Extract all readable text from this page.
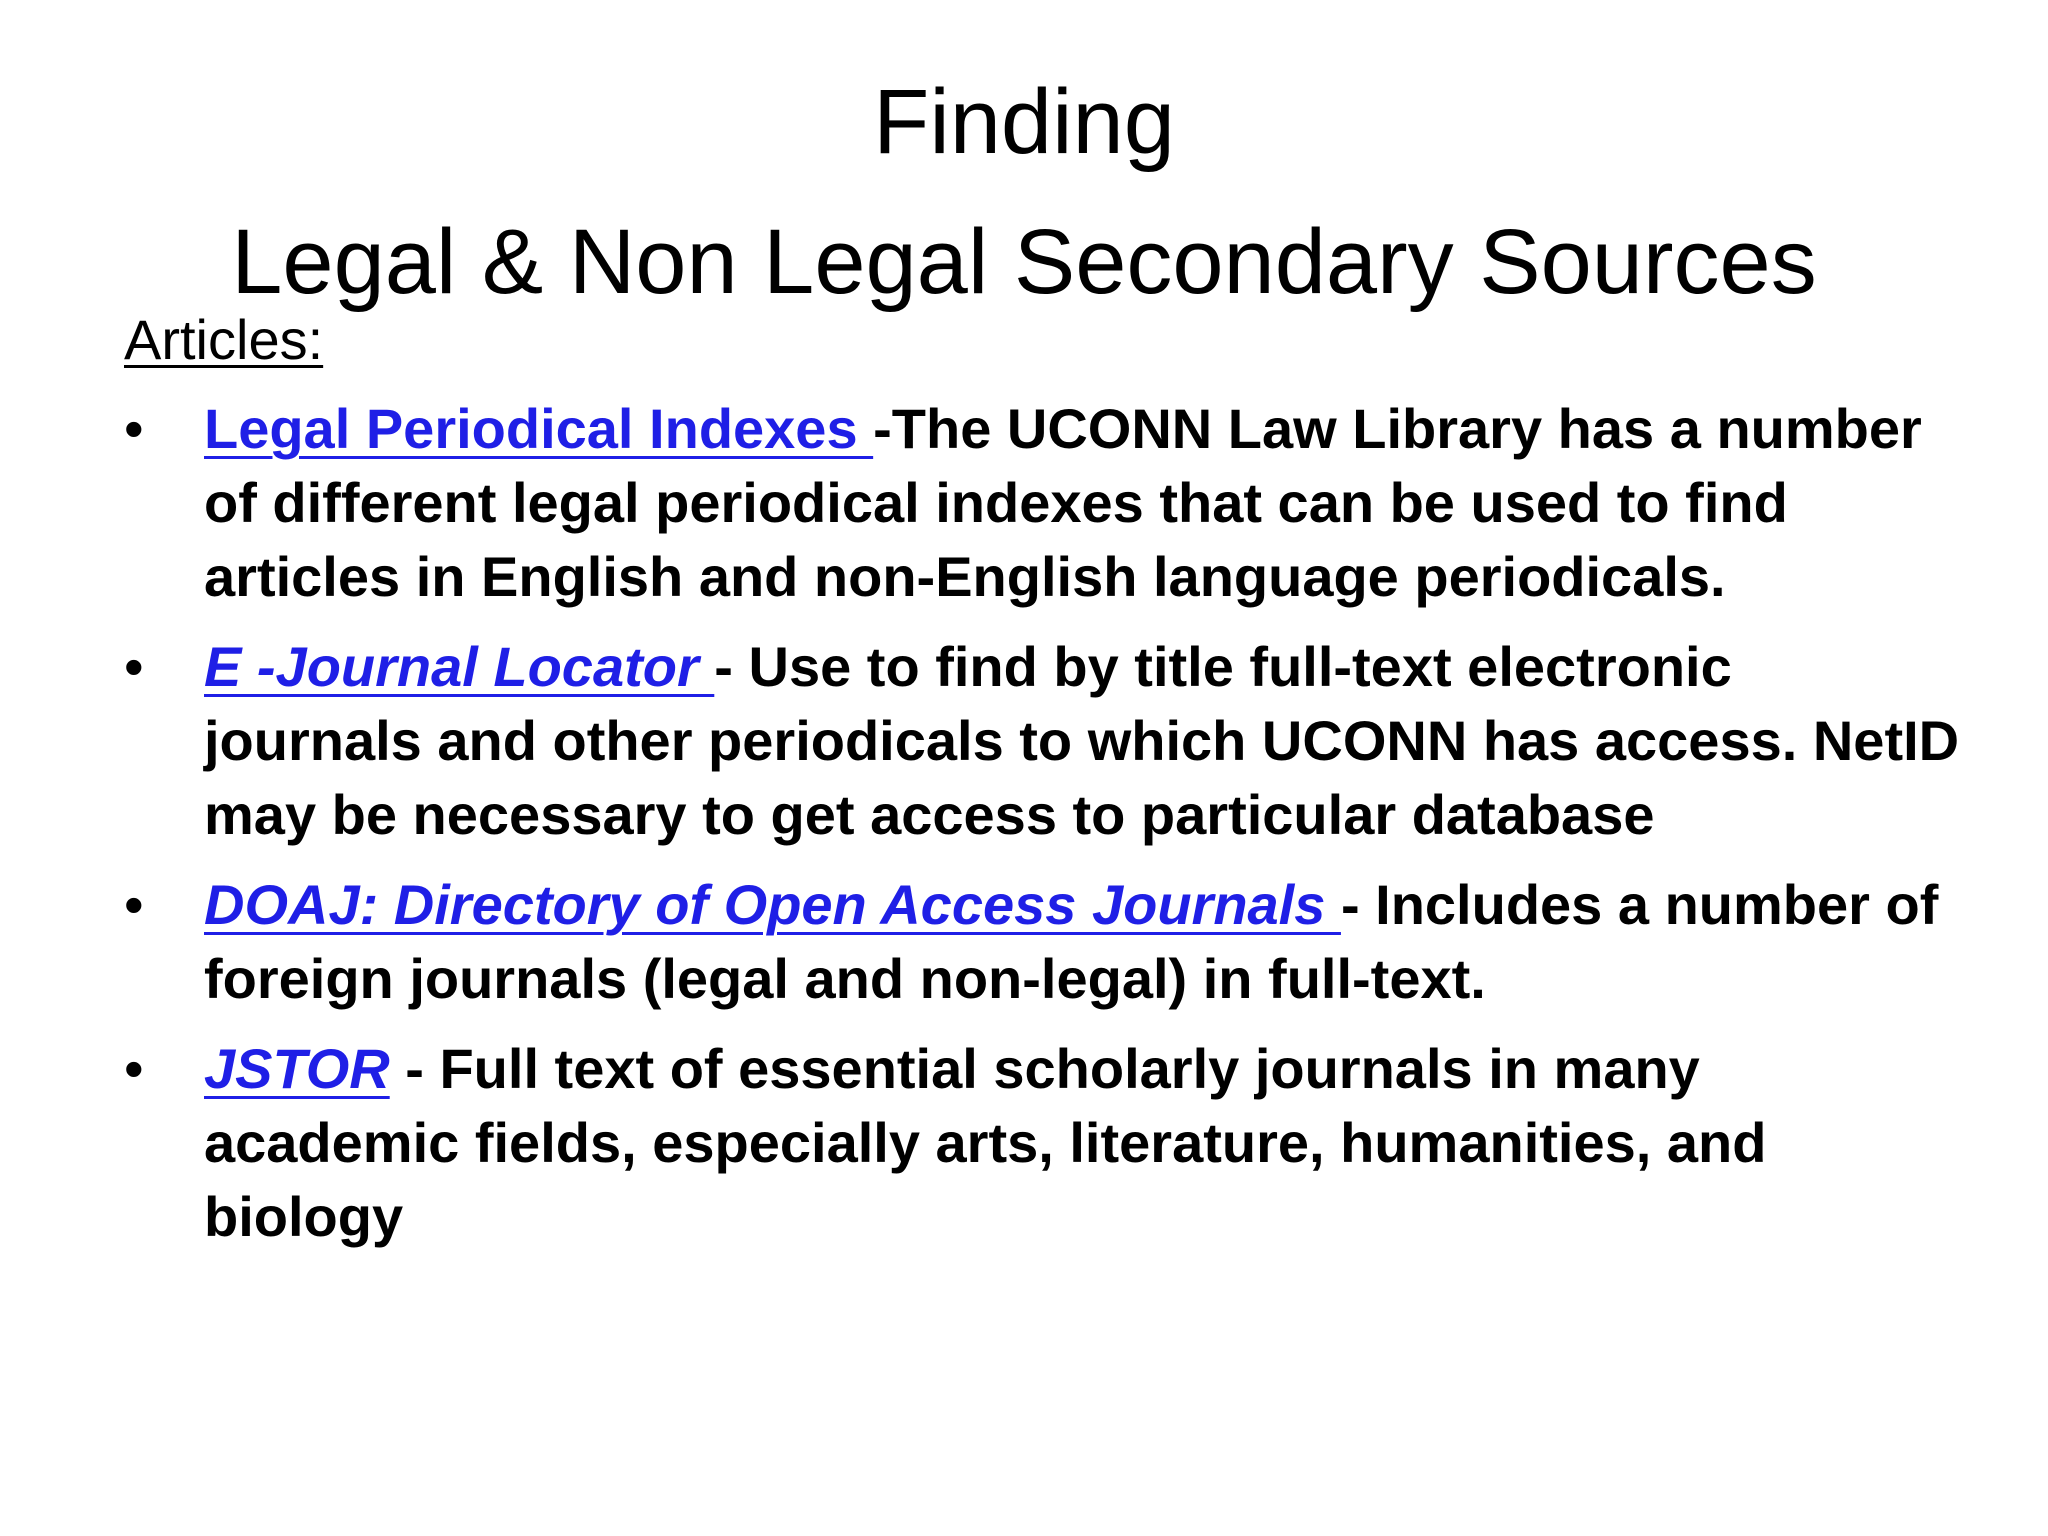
Finding
Legal & Non Legal Secondary Sources
Articles:
•	Legal Periodical Indexes -The UCONN Law Library has a number of different legal periodical indexes that can be used to find articles in English and non-English language periodicals.
•	E -Journal Locator - Use to find by title full-text electronic journals and other periodicals to which UCONN has access. NetID may be necessary to get access to particular database
•	DOAJ: Directory of Open Access Journals - Includes a number of foreign journals (legal and non-legal) in full-text.
•	JSTOR - Full text of essential scholarly journals in many academic fields, especially arts, literature, humanities, and biology
